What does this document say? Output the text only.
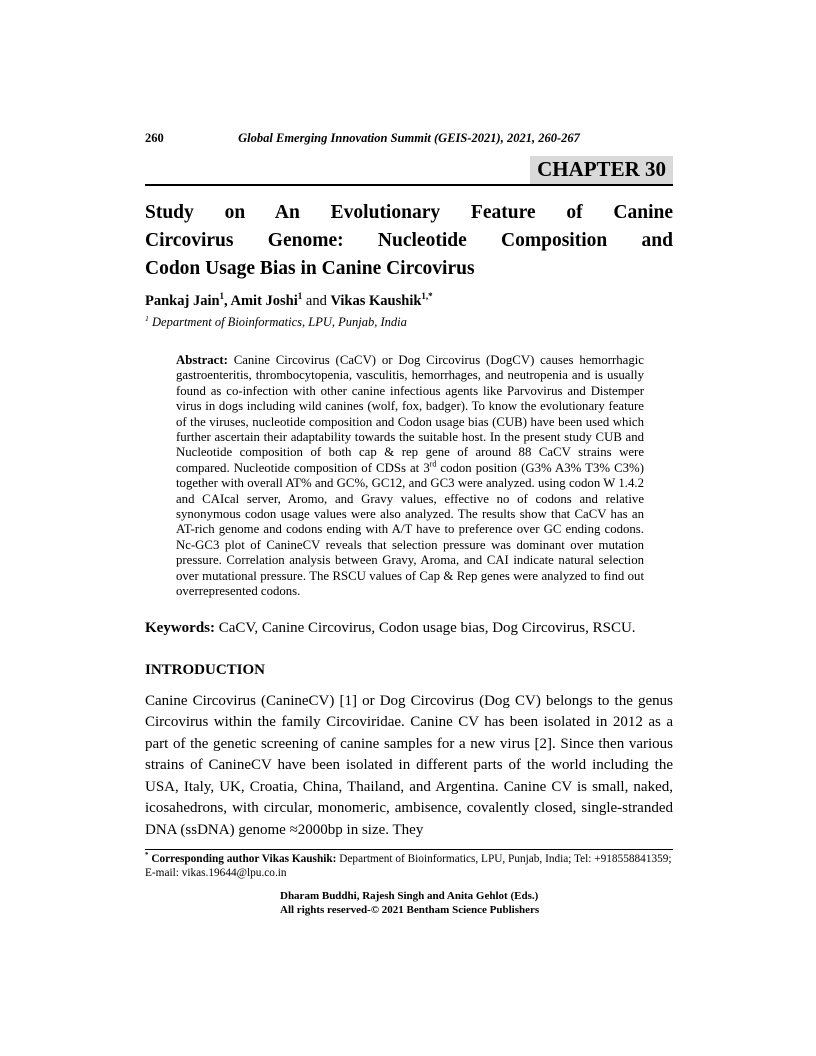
260	Global Emerging Innovation Summit (GEIS-2021), 2021, 260-267
CHAPTER 30
Study on An Evolutionary Feature of Canine
Circovirus Genome: Nucleotide Composition and
Codon Usage Bias in Canine Circovirus

Pankaj Jain$^1$, Amit Joshi$^1$ and Vikas Kaushik$^{1,*}$

$^1$ Department of Bioinformatics, LPU, Punjab, India

Abstract: Canine Circovirus (CaCV) or Dog Circovirus (DogCV) causes hemorrhagic gastroenteritis, thrombocytopenia, vasculitis, hemorrhages, and neutropenia and is usually found as co-infection with other canine infectious agents like Parvovirus and Distemper virus in dogs including wild canines (wolf, fox, badger). To know the evolutionary feature of the viruses, nucleotide composition and Codon usage bias (CUB) have been used which further ascertain their adaptability towards the suitable host. In the present study CUB and Nucleotide composition of both cap & rep gene of around 88 CaCV strains were compared. Nucleotide composition of CDSs at 3rd codon position (G3% A3% T3% C3%) together with overall AT% and GC%, GC12, and GC3 were analyzed. using codon W 1.4.2 and CAIcal server, Aromo, and Gravy values, effective no of codons and relative synonymous codon usage values were also analyzed. The results show that CaCV has an AT-rich genome and codons ending with A/T have to preference over GC ending codons. Nc-GC3 plot of CanineCV reveals that selection pressure was dominant over mutation pressure. Correlation analysis between Gravy, Aroma, and CAI indicate natural selection over mutational pressure. The RSCU values of Cap & Rep genes were analyzed to find out overrepresented codons.

Keywords: CaCV, Canine Circovirus, Codon usage bias, Dog Circovirus, RSCU.

INTRODUCTION

Canine Circovirus (CanineCV) [1] or Dog Circovirus (Dog CV) belongs to the genus Circovirus within the family Circoviridae. Canine CV has been isolated in 2012 as a part of the genetic screening of canine samples for a new virus [2]. Since then various strains of CanineCV have been isolated in different parts of the world including the USA, Italy, UK, Croatia, China, Thailand, and Argentina. Canine CV is small, naked, icosahedrons, with circular, monomeric, ambisence, covalently closed, single-stranded DNA (ssDNA) genome ≈2000bp in size. They

* Corresponding author Vikas Kaushik: Department of Bioinformatics, LPU, Punjab, India; Tel: +918558841359; E-mail: vikas.19644@lpu.co.in

Dharam Buddhi, Rajesh Singh and Anita Gehlot (Eds.)
All rights reserved-© 2021 Bentham Science Publishers
